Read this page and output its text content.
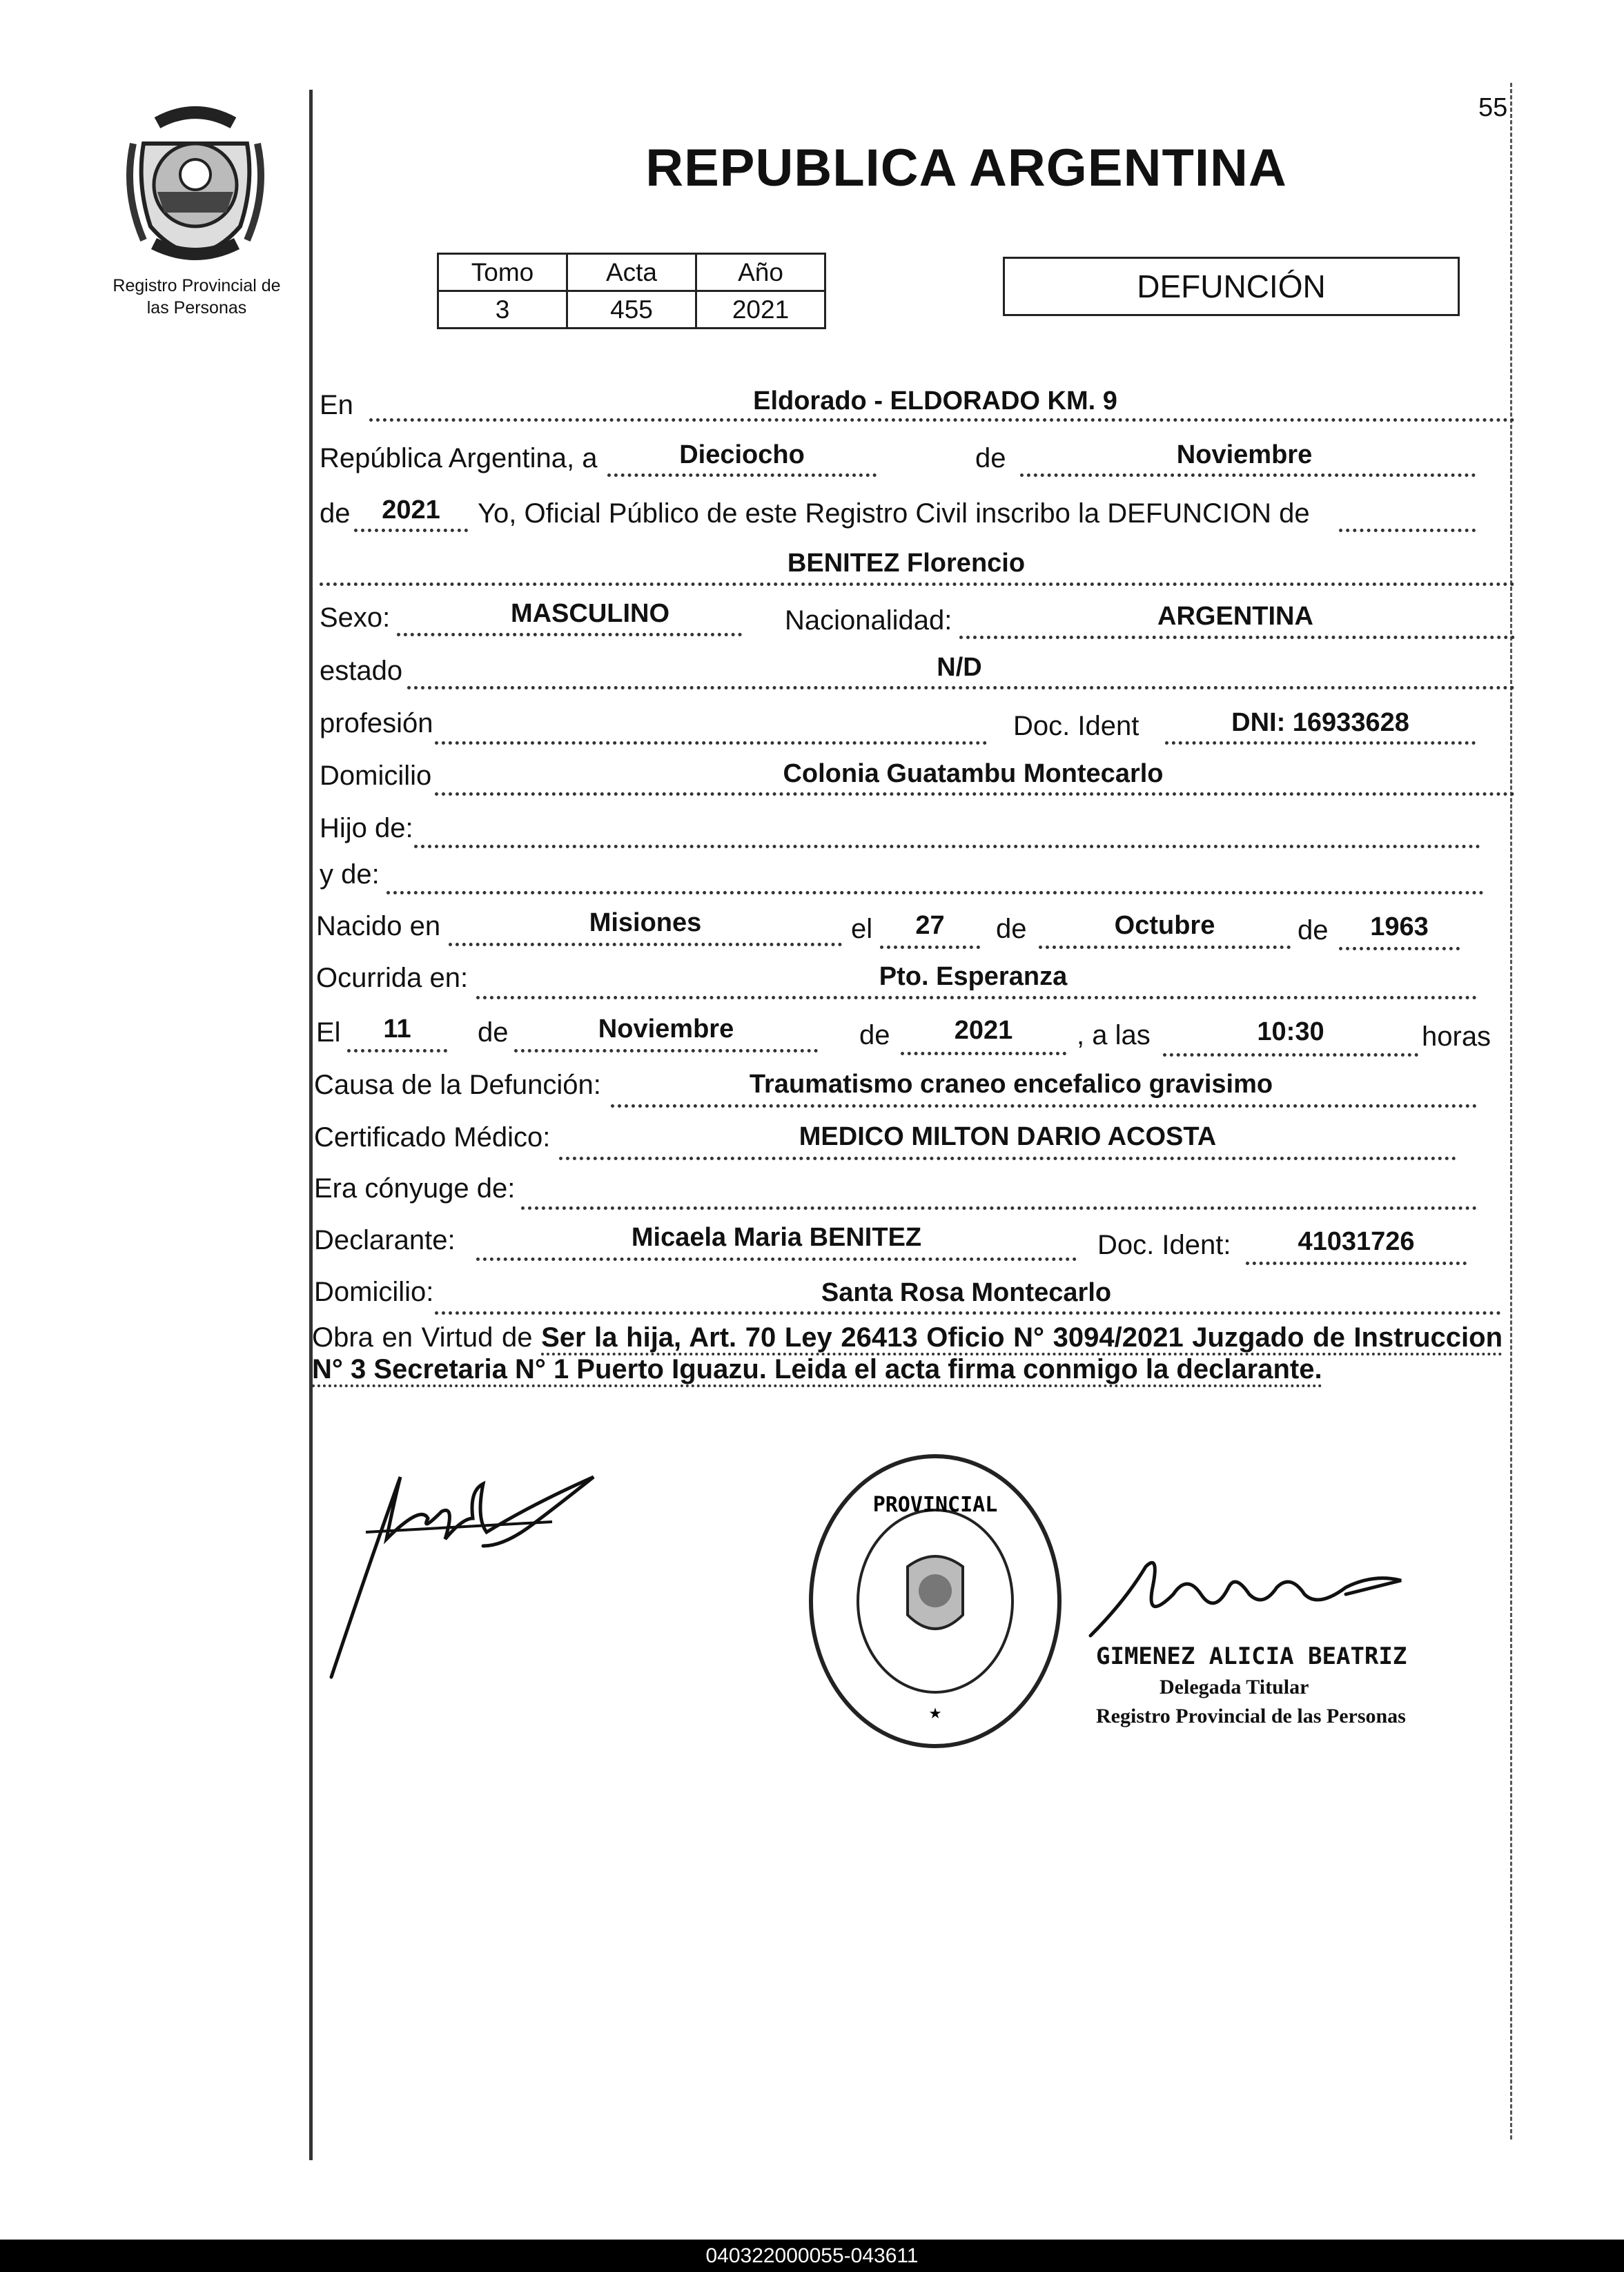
55
Registro Provincial de
las Personas
REPUBLICA ARGENTINA
Tomo	Acta	Año
3	455	2021
DEFUNCIÓN
En	Eldorado - ELDORADO KM. 9
República Argentina, a	Dieciocho	de	Noviembre
de	2021	Yo, Oficial Público de este Registro Civil inscribo la DEFUNCION de
BENITEZ Florencio
Sexo:	MASCULINO	Nacionalidad:	ARGENTINA
estado	N/D
profesión	Doc. Ident	DNI: 16933628
Domicilio	Colonia Guatambu Montecarlo
Hijo de:
y de:
Nacido en	Misiones	el	27	de	Octubre	de	1963
Ocurrida en:	Pto. Esperanza
El	11	de	Noviembre	de	2021	, a las	10:30	horas
Causa de la Defunción:	Traumatismo craneo encefalico gravisimo
Certificado Médico:	MEDICO MILTON DARIO ACOSTA
Era cónyuge de:
Declarante:	Micaela Maria BENITEZ	Doc. Ident:	41031726
Domicilio:	Santa Rosa Montecarlo
Obra en Virtud de Ser la hija, Art. 70 Ley 26413 Oficio N° 3094/2021 Juzgado de Instruccion N° 3 Secretaria N° 1 Puerto Iguazu. Leida el acta firma conmigo la declarante.
PROVINCIAL
★
GIMENEZ ALICIA BEATRIZ
Delegada Titular
Registro Provincial de las Personas
040322000055-043611
